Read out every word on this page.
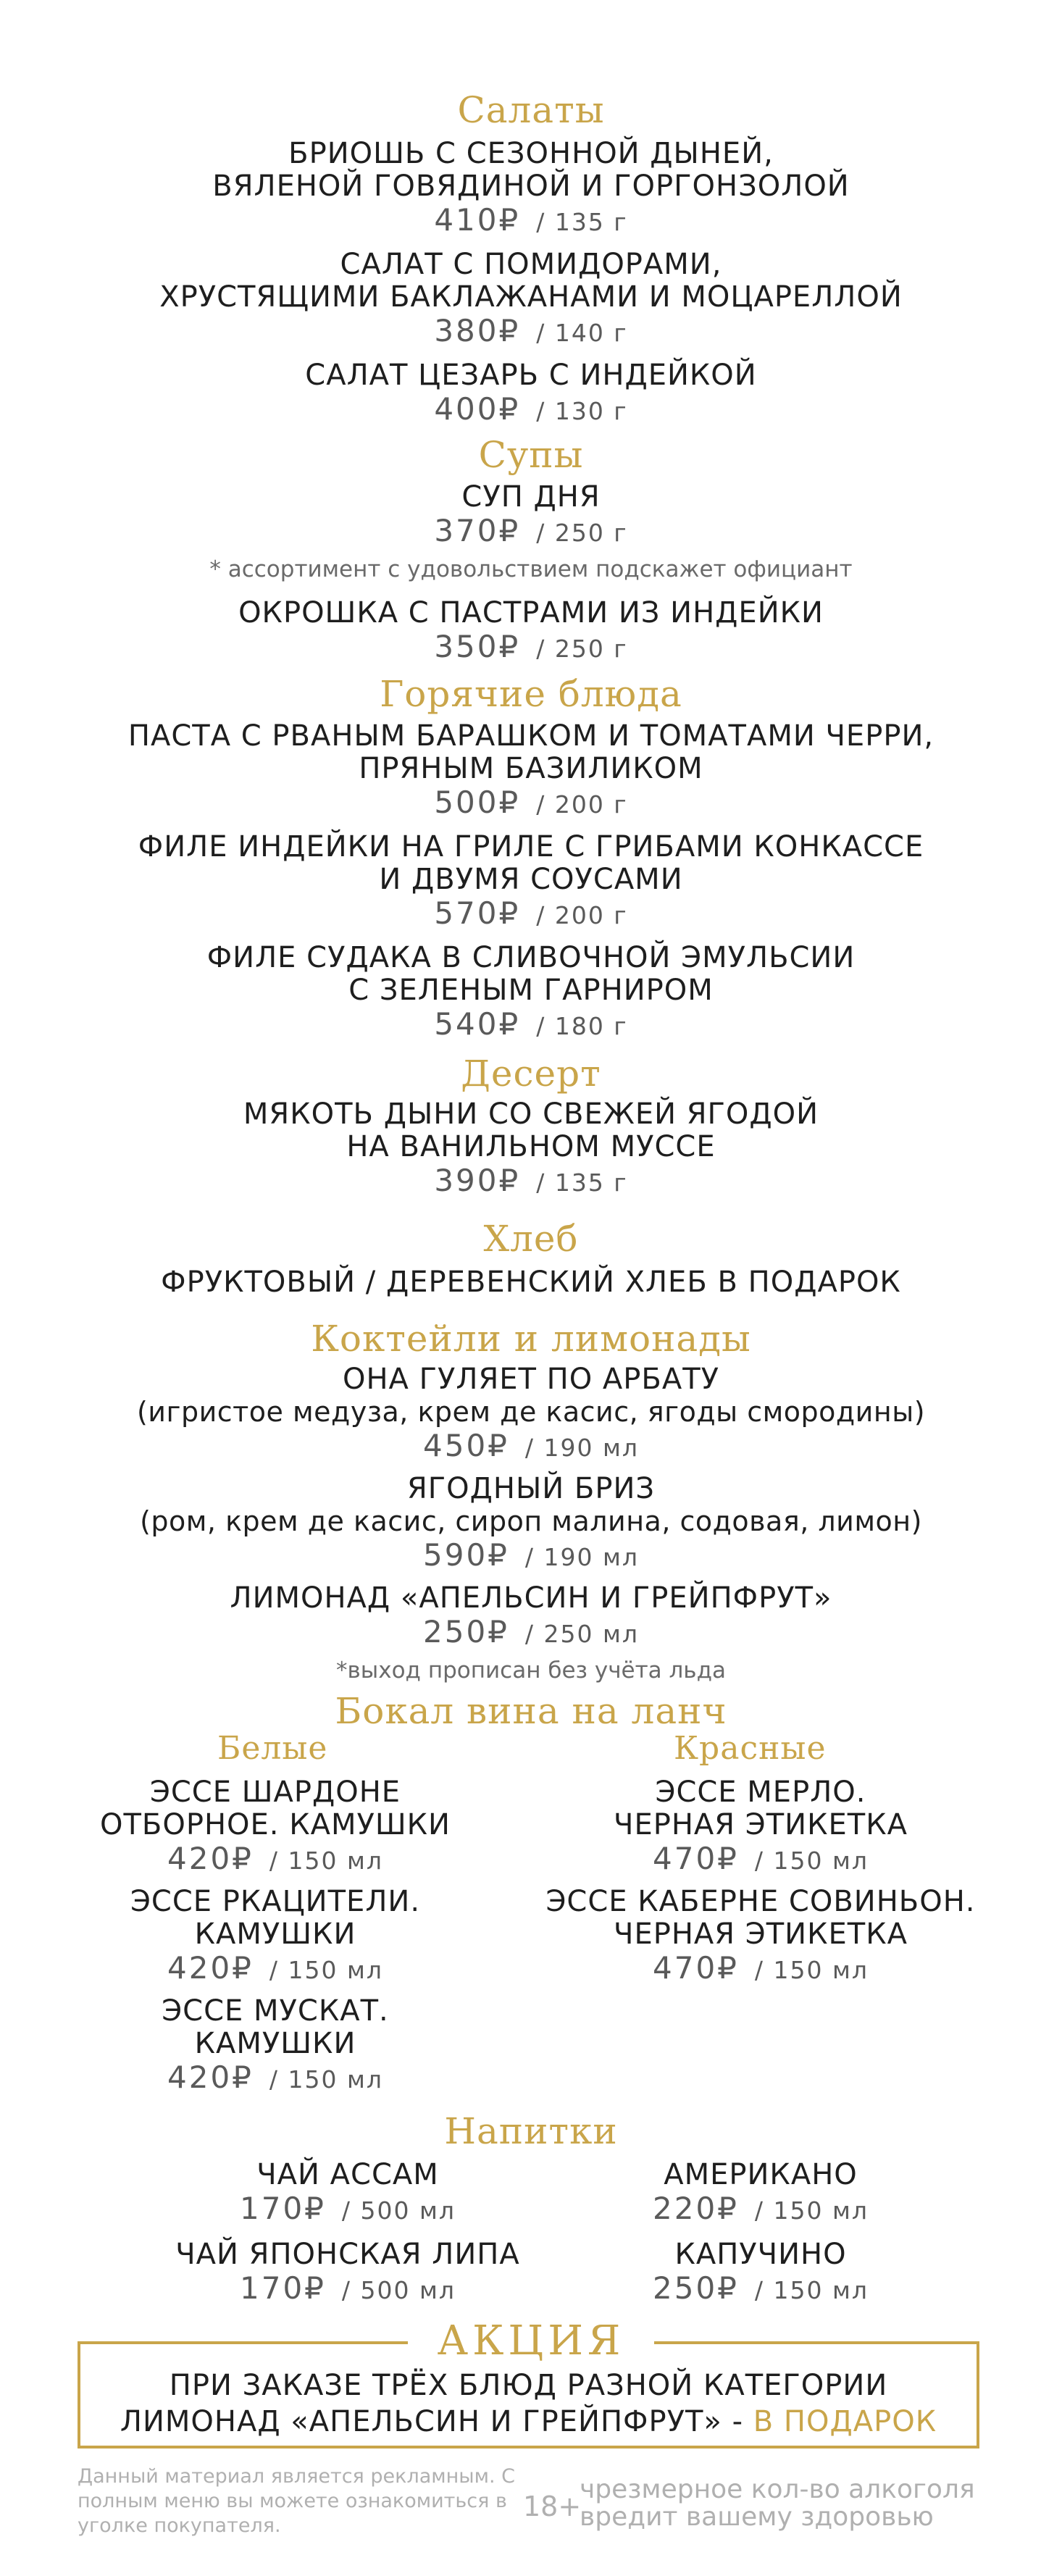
Салаты
БРИОШЬ С СЕЗОННОЙ ДЫНЕЙ,
ВЯЛЕНОЙ ГОВЯДИНОЙ И ГОРГОНЗОЛОЙ
410₽ / 135 г
САЛАТ С ПОМИДОРАМИ,
ХРУСТЯЩИМИ БАКЛАЖАНАМИ И МОЦАРЕЛЛОЙ
380₽ / 140 г
САЛАТ ЦЕЗАРЬ С ИНДЕЙКОЙ
400₽ / 130 г
Супы
СУП ДНЯ
370₽ / 250 г
* ассортимент с удовольствием подскажет официант
ОКРОШКА С ПАСТРАМИ ИЗ ИНДЕЙКИ
350₽ / 250 г
Горячие блюда
ПАСТА С РВАНЫМ БАРАШКОМ И ТОМАТАМИ ЧЕРРИ,
ПРЯНЫМ БАЗИЛИКОМ
500₽ / 200 г
ФИЛЕ ИНДЕЙКИ НА ГРИЛЕ С ГРИБАМИ КОНКАССЕ
И ДВУМЯ СОУСАМИ
570₽ / 200 г
ФИЛЕ СУДАКА В СЛИВОЧНОЙ ЭМУЛЬСИИ
С ЗЕЛЕНЫМ ГАРНИРОМ
540₽ / 180 г
Десерт
МЯКОТЬ ДЫНИ СО СВЕЖЕЙ ЯГОДОЙ
НА ВАНИЛЬНОМ МУССЕ
390₽ / 135 г
Хлеб
ФРУКТОВЫЙ / ДЕРЕВЕНСКИЙ ХЛЕБ В ПОДАРОК
Коктейли и лимонады
ОНА ГУЛЯЕТ ПО АРБАТУ
(игристое медуза, крем де касис, ягоды смородины)
450₽ / 190 мл
ЯГОДНЫЙ БРИЗ
(ром, крем де касис, сироп малина, содовая, лимон)
590₽ / 190 мл
ЛИМОНАД «АПЕЛЬСИН И ГРЕЙПФРУТ»
250₽ / 250 мл
*выход прописан без учёта льда
Бокал вина на ланч
Белые
ЭССЕ ШАРДОНЕ
ОТБОРНОЕ. КАМУШКИ
420₽ / 150 мл
ЭССЕ РКАЦИТЕЛИ.
КАМУШКИ
420₽ / 150 мл
ЭССЕ МУСКАТ.
КАМУШКИ
420₽ / 150 мл
Красные
ЭССЕ МЕРЛО.
ЧЕРНАЯ ЭТИКЕТКА
470₽ / 150 мл
ЭССЕ КАБЕРНЕ СОВИНЬОН.
ЧЕРНАЯ ЭТИКЕТКА
470₽ / 150 мл
Напитки
ЧАЙ АССАМ
170₽ / 500 мл
ЧАЙ ЯПОНСКАЯ ЛИПА
170₽ / 500 мл
АМЕРИКАНО
220₽ / 150 мл
КАПУЧИНО
250₽ / 150 мл
АКЦИЯ
ПРИ ЗАКАЗЕ ТРЁХ БЛЮД РАЗНОЙ КАТЕГОРИИ
ЛИМОНАД «АПЕЛЬСИН И ГРЕЙПФРУТ» - В ПОДАРОК
Данный материал является рекламным. С полным меню вы можете ознакомиться в уголке покупателя.
18+
чрезмерное кол-во алкоголя вредит вашему здоровью
